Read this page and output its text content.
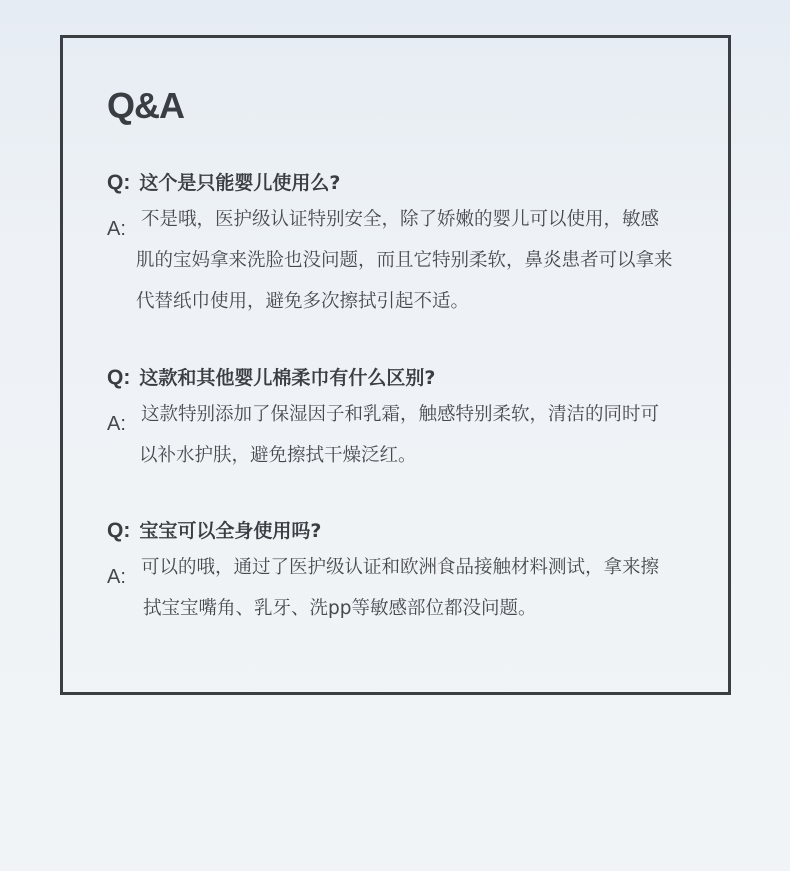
Q&A
Q: 这个是只能婴儿使用么?
A: 不是哦，医护级认证特别安全，除了娇嫩的婴儿可以使用，敏感
肌的宝妈拿来洗脸也没问题，而且它特别柔软，鼻炎患者可以拿来
代替纸巾使用，避免多次擦拭引起不适。
Q: 这款和其他婴儿棉柔巾有什么区别?
A: 这款特别添加了保湿因子和乳霜，触感特别柔软，清洁的同时可
以补水护肤，避免擦拭干燥泛红。
Q: 宝宝可以全身使用吗?
A: 可以的哦，通过了医护级认证和欧洲食品接触材料测试，拿来擦
拭宝宝嘴角、乳牙、洗pp等敏感部位都没问题。
